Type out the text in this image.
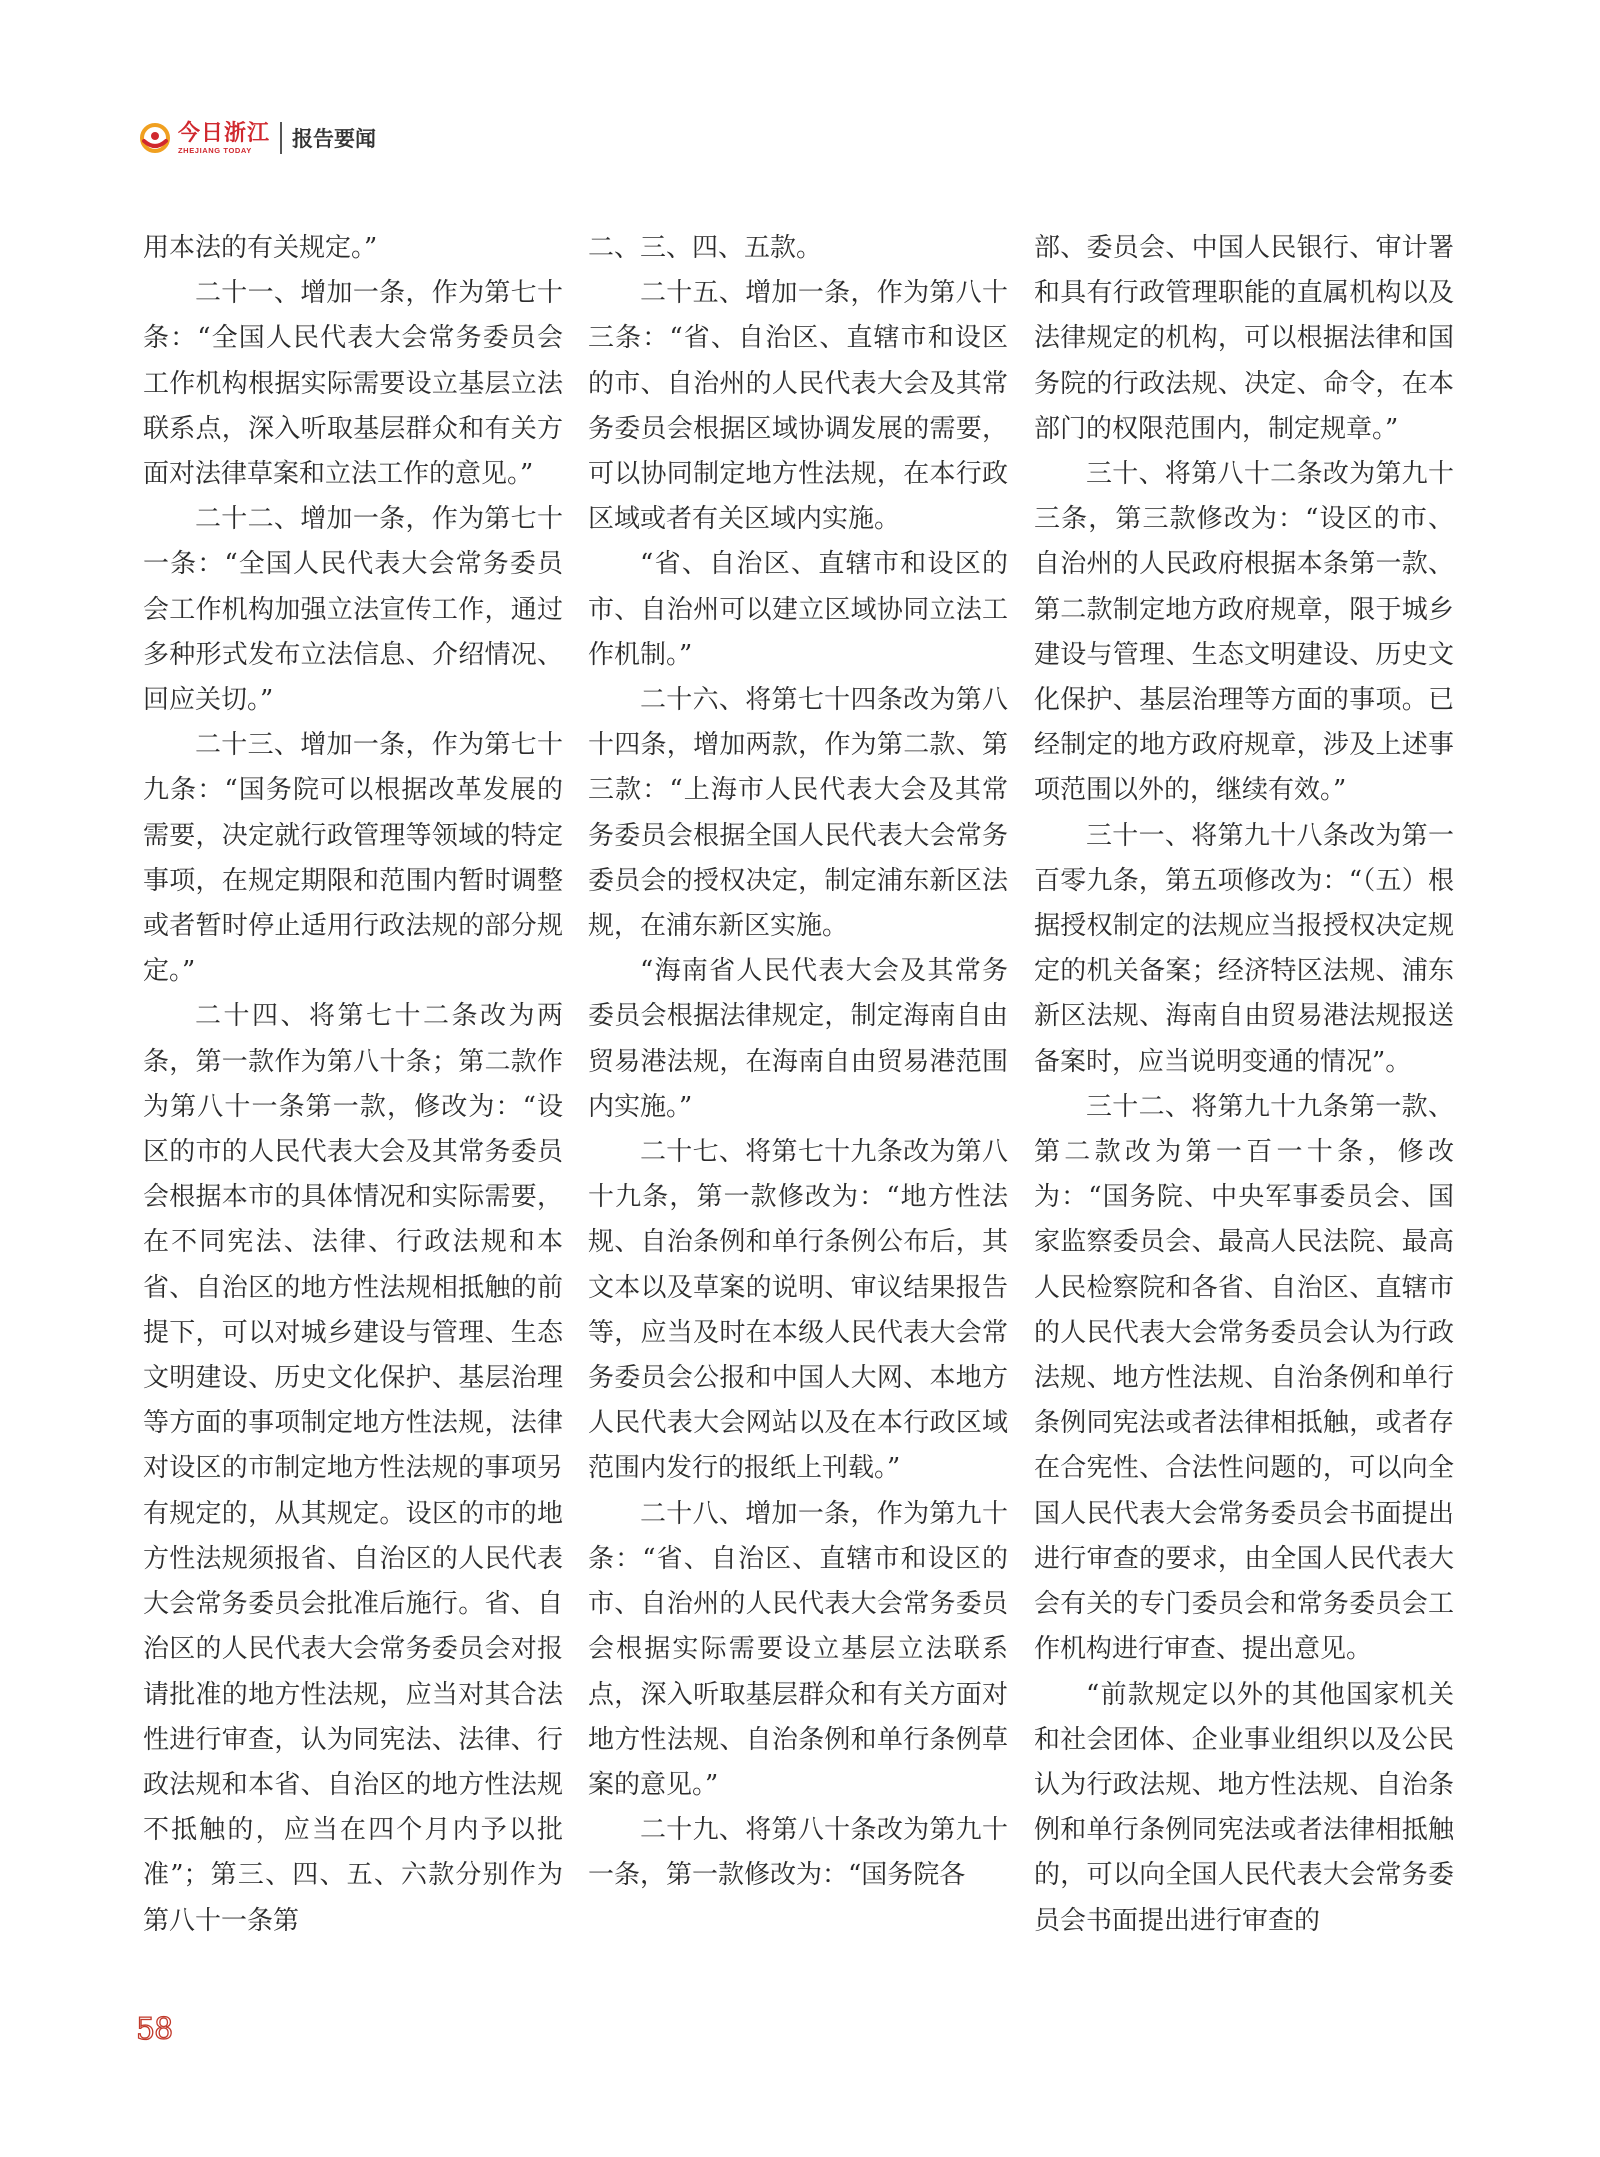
今日浙江
ZHEJIANG TODAY	报告要闻

用本法的有关规定。”

二十一、增加一条，作为第七十条：“全国人民代表大会常务委员会工作机构根据实际需要设立基层立法联系点，深入听取基层群众和有关方面对法律草案和立法工作的意见。”

二十二、增加一条，作为第七十一条：“全国人民代表大会常务委员会工作机构加强立法宣传工作，通过多种形式发布立法信息、介绍情况、回应关切。”

二十三、增加一条，作为第七十九条：“国务院可以根据改革发展的需要，决定就行政管理等领域的特定事项，在规定期限和范围内暂时调整或者暂时停止适用行政法规的部分规定。”

二十四、将第七十二条改为两条，第一款作为第八十条；第二款作为第八十一条第一款，修改为：“设区的市的人民代表大会及其常务委员会根据本市的具体情况和实际需要，在不同宪法、法律、行政法规和本省、自治区的地方性法规相抵触的前提下，可以对城乡建设与管理、生态文明建设、历史文化保护、基层治理等方面的事项制定地方性法规，法律对设区的市制定地方性法规的事项另有规定的，从其规定。设区的市的地方性法规须报省、自治区的人民代表大会常务委员会批准后施行。省、自治区的人民代表大会常务委员会对报请批准的地方性法规，应当对其合法性进行审查，认为同宪法、法律、行政法规和本省、自治区的地方性法规不抵触的，应当在四个月内予以批准”；第三、四、五、六款分别作为第八十一条第

二、三、四、五款。

二十五、增加一条，作为第八十三条：“省、自治区、直辖市和设区的市、自治州的人民代表大会及其常务委员会根据区域协调发展的需要，可以协同制定地方性法规，在本行政区域或者有关区域内实施。

“省、自治区、直辖市和设区的市、自治州可以建立区域协同立法工作机制。”

二十六、将第七十四条改为第八十四条，增加两款，作为第二款、第三款：“上海市人民代表大会及其常务委员会根据全国人民代表大会常务委员会的授权决定，制定浦东新区法规，在浦东新区实施。

“海南省人民代表大会及其常务委员会根据法律规定，制定海南自由贸易港法规，在海南自由贸易港范围内实施。”

二十七、将第七十九条改为第八十九条，第一款修改为：“地方性法规、自治条例和单行条例公布后，其文本以及草案的说明、审议结果报告等，应当及时在本级人民代表大会常务委员会公报和中国人大网、本地方人民代表大会网站以及在本行政区域范围内发行的报纸上刊载。”

二十八、增加一条，作为第九十条：“省、自治区、直辖市和设区的市、自治州的人民代表大会常务委员会根据实际需要设立基层立法联系点，深入听取基层群众和有关方面对地方性法规、自治条例和单行条例草案的意见。”

二十九、将第八十条改为第九十一条，第一款修改为：“国务院各

部、委员会、中国人民银行、审计署和具有行政管理职能的直属机构以及法律规定的机构，可以根据法律和国务院的行政法规、决定、命令，在本部门的权限范围内，制定规章。”

三十、将第八十二条改为第九十三条，第三款修改为：“设区的市、自治州的人民政府根据本条第一款、第二款制定地方政府规章，限于城乡建设与管理、生态文明建设、历史文化保护、基层治理等方面的事项。已经制定的地方政府规章，涉及上述事项范围以外的，继续有效。”

三十一、将第九十八条改为第一百零九条，第五项修改为：“（五）根据授权制定的法规应当报授权决定规定的机关备案；经济特区法规、浦东新区法规、海南自由贸易港法规报送备案时，应当说明变通的情况”。

三十二、将第九十九条第一款、第二款改为第一百一十条，修改为：“国务院、中央军事委员会、国家监察委员会、最高人民法院、最高人民检察院和各省、自治区、直辖市的人民代表大会常务委员会认为行政法规、地方性法规、自治条例和单行条例同宪法或者法律相抵触，或者存在合宪性、合法性问题的，可以向全国人民代表大会常务委员会书面提出进行审查的要求，由全国人民代表大会有关的专门委员会和常务委员会工作机构进行审查、提出意见。

“前款规定以外的其他国家机关和社会团体、企业事业组织以及公民认为行政法规、地方性法规、自治条例和单行条例同宪法或者法律相抵触的，可以向全国人民代表大会常务委员会书面提出进行审查的

58
